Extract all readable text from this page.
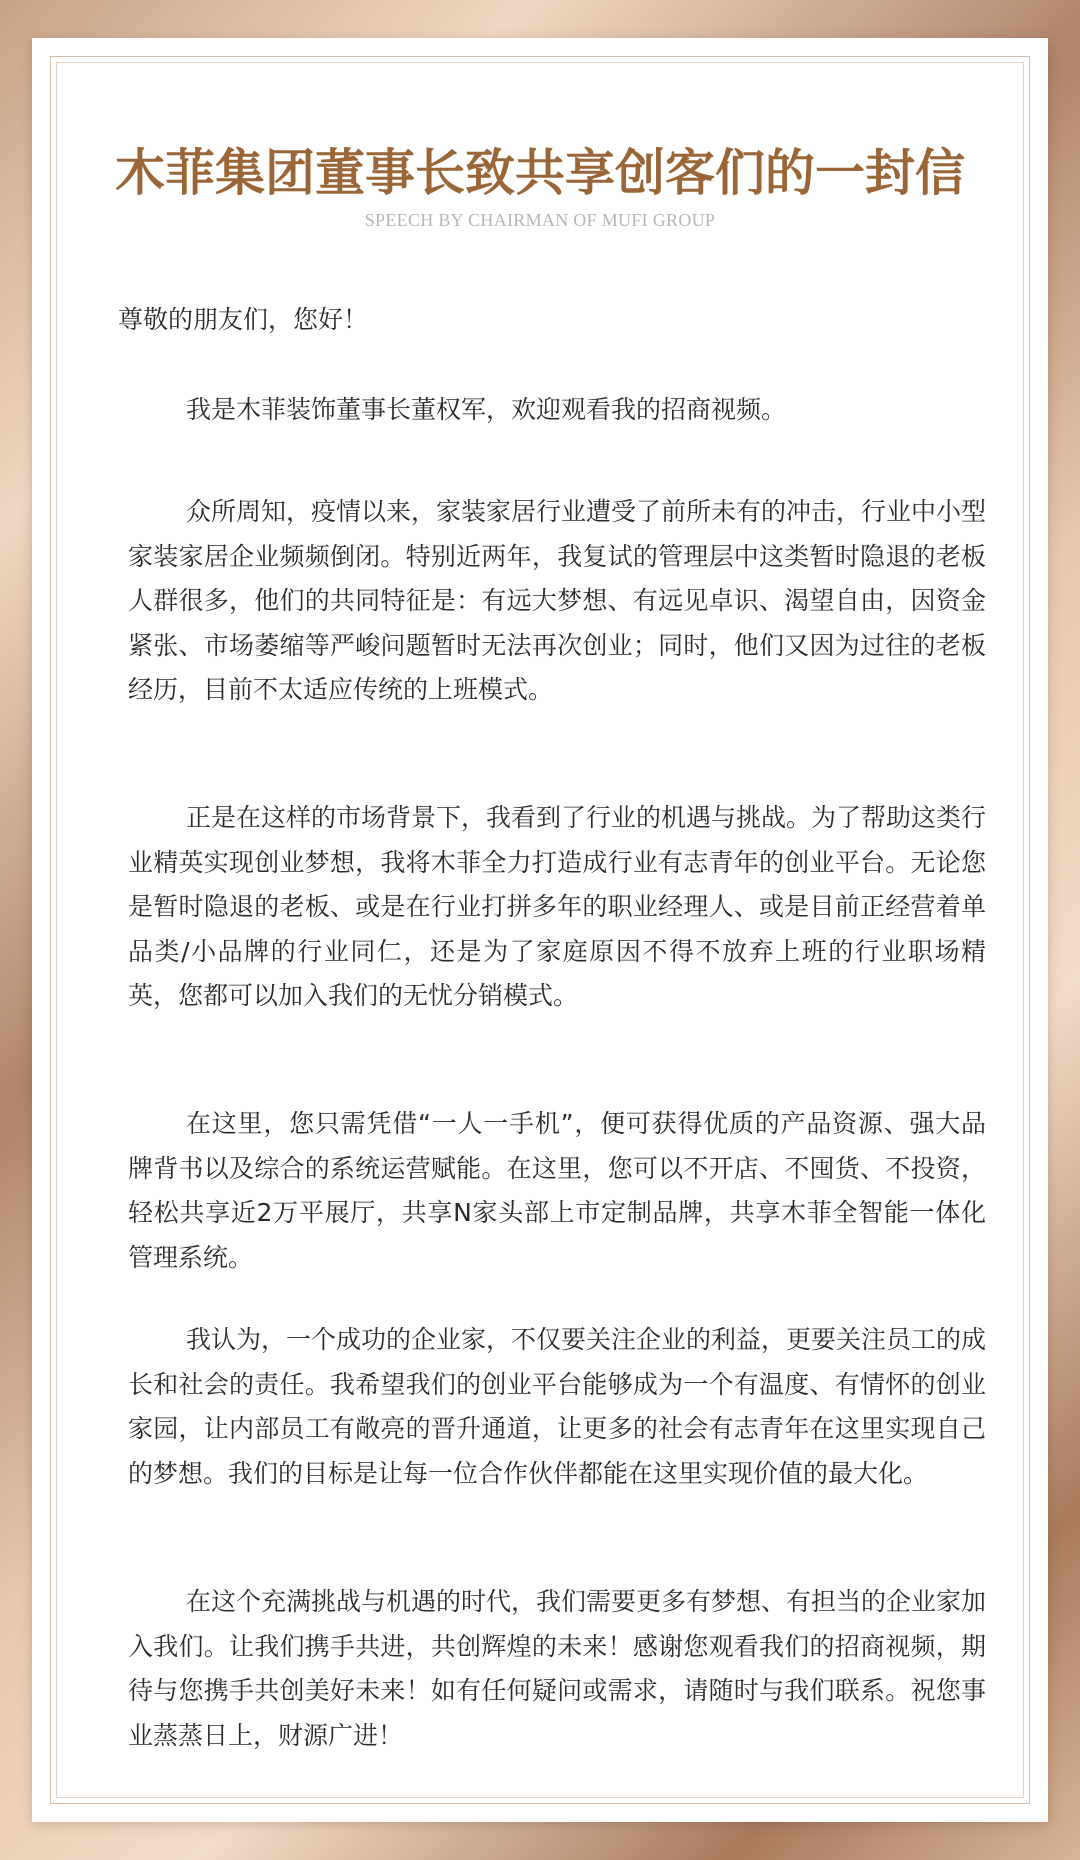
木菲集团董事长致共享创客们的一封信
SPEECH BY CHAIRMAN OF MUFI GROUP
尊敬的朋友们，您好！
我是木菲装饰董事长董权军，欢迎观看我的招商视频。
众所周知，疫情以来，家装家居行业遭受了前所未有的冲击，行业中小型家装家居企业频频倒闭。特别近两年，我复试的管理层中这类暂时隐退的老板人群很多，他们的共同特征是：有远大梦想、有远见卓识、渴望自由，因资金紧张、市场萎缩等严峻问题暂时无法再次创业；同时，他们又因为过往的老板经历，目前不太适应传统的上班模式。
正是在这样的市场背景下，我看到了行业的机遇与挑战。为了帮助这类行业精英实现创业梦想，我将木菲全力打造成行业有志青年的创业平台。无论您是暂时隐退的老板、或是在行业打拼多年的职业经理人、或是目前正经营着单品类/小品牌的行业同仁，还是为了家庭原因不得不放弃上班的行业职场精英，您都可以加入我们的无忧分销模式。
在这里，您只需凭借“一人一手机”，便可获得优质的产品资源、强大品牌背书以及综合的系统运营赋能。在这里，您可以不开店、不囤货、不投资，轻松共享近2万平展厅，共享N家头部上市定制品牌，共享木菲全智能一体化管理系统。
我认为，一个成功的企业家，不仅要关注企业的利益，更要关注员工的成长和社会的责任。我希望我们的创业平台能够成为一个有温度、有情怀的创业家园，让内部员工有敞亮的晋升通道，让更多的社会有志青年在这里实现自己的梦想。我们的目标是让每一位合作伙伴都能在这里实现价值的最大化。
在这个充满挑战与机遇的时代，我们需要更多有梦想、有担当的企业家加入我们。让我们携手共进，共创辉煌的未来！感谢您观看我们的招商视频，期待与您携手共创美好未来！如有任何疑问或需求，请随时与我们联系。祝您事业蒸蒸日上，财源广进！
